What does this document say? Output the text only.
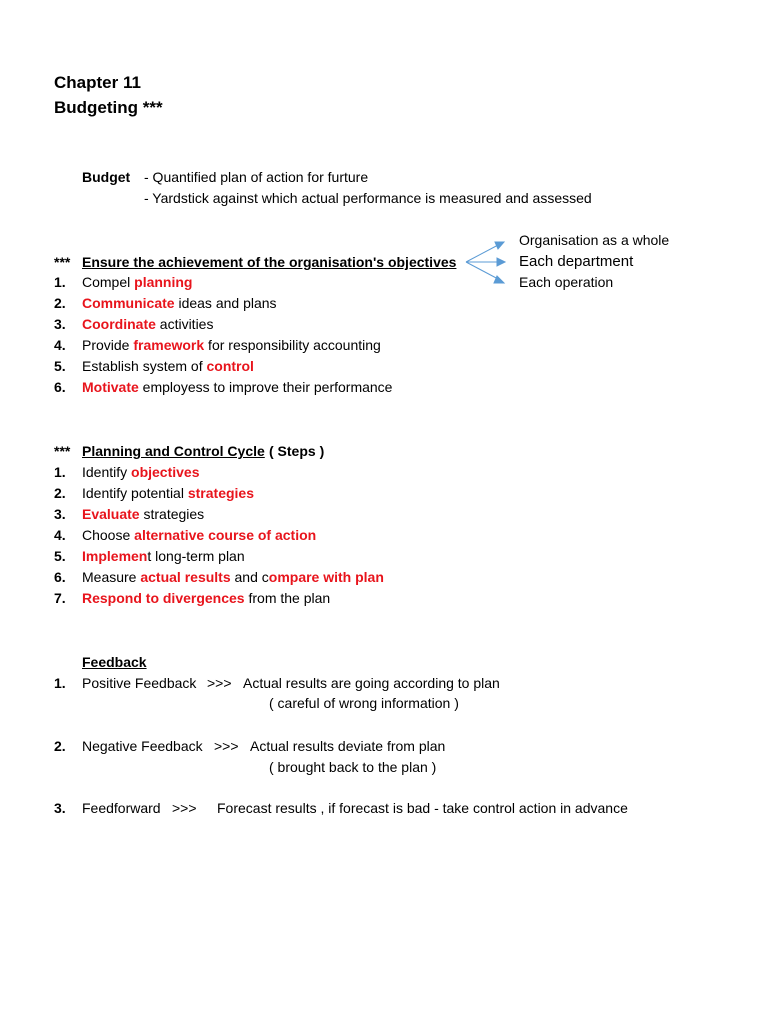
Chapter 11
Budgeting ***
Budget - Quantified plan of action for furture
- Yardstick against which actual performance is measured and assessed
*** Ensure the achievement of the organisation's objectives
Organisation as a whole
Each department
Each operation
1. Compel planning
2. Communicate ideas and plans
3. Coordinate activities
4. Provide framework for responsibility accounting
5. Establish system of control
6. Motivate employess to improve their performance
*** Planning and Control Cycle ( Steps )
1. Identify objectives
2. Identify potential strategies
3. Evaluate strategies
4. Choose alternative course of action
5. Implement long-term plan
6. Measure actual results and compare with plan
7. Respond to divergences from the plan
Feedback
1. Positive Feedback >>> Actual results are going according to plan
( careful of wrong information )
2. Negative Feedback >>> Actual results deviate from plan
( brought back to the plan )
3. Feedforward >>> Forecast results , if forecast is bad - take control action in advance
